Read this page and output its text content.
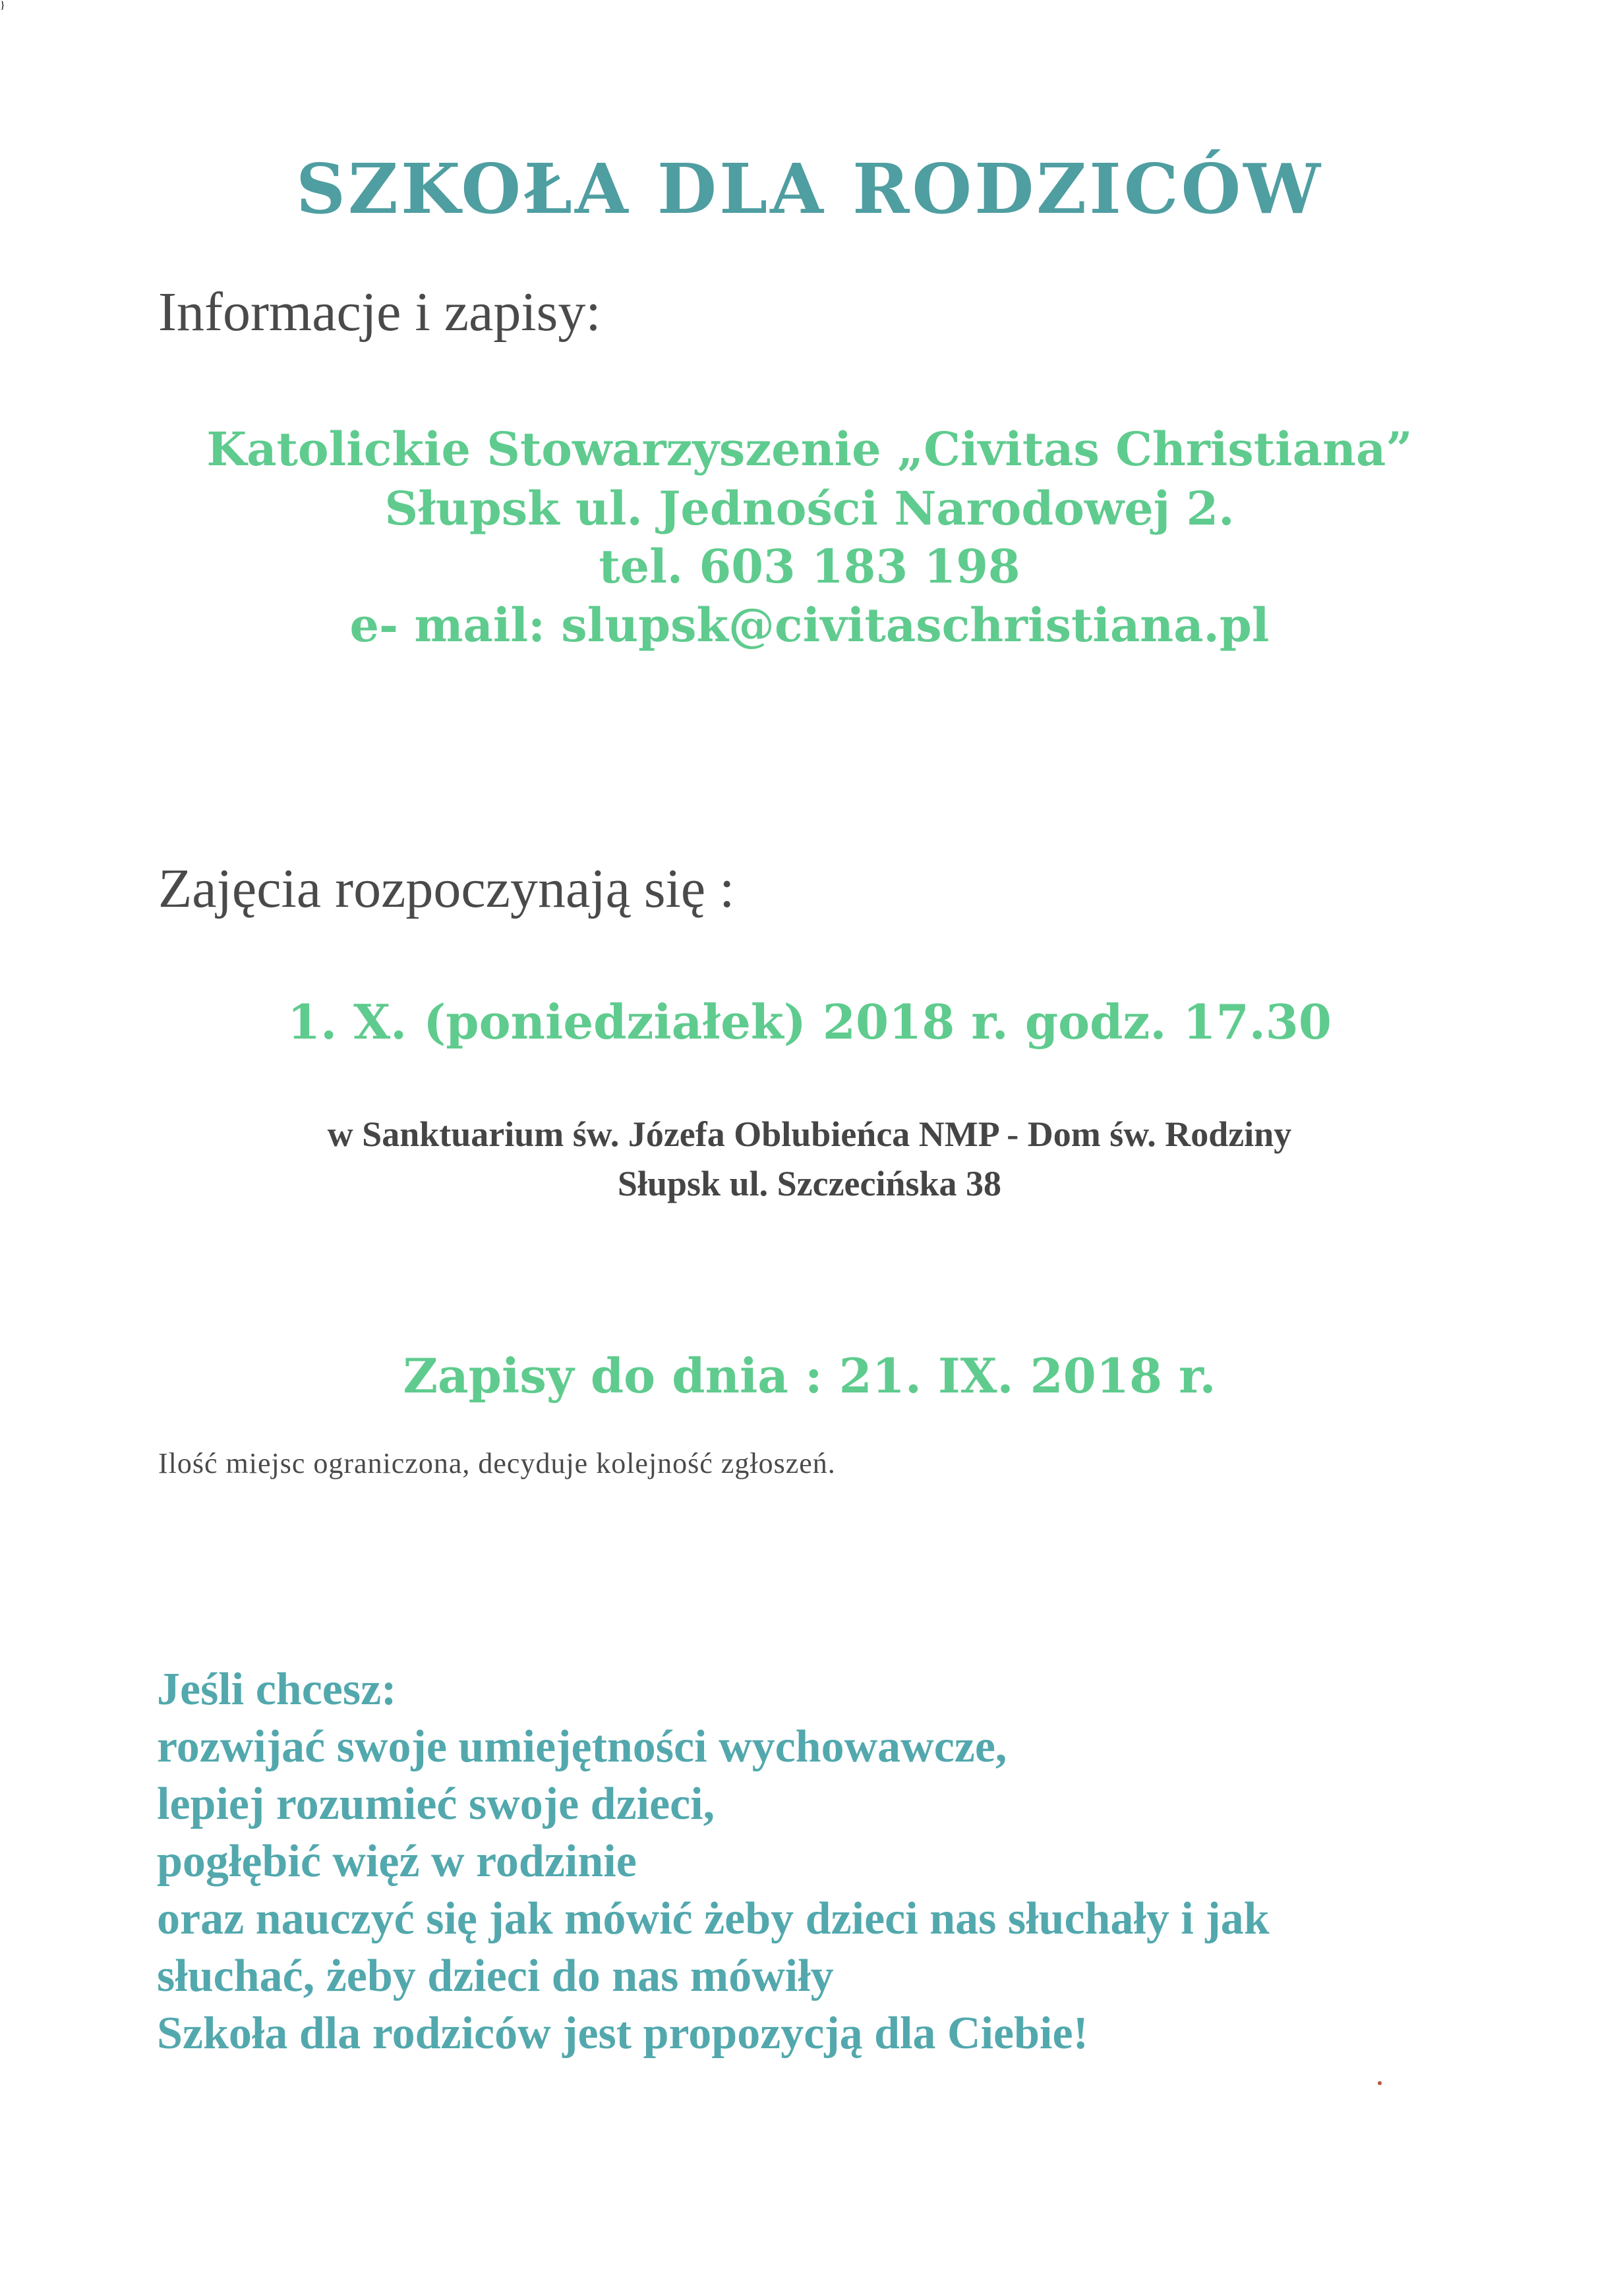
SZKOŁA DLA RODZICÓW

Informacje i zapisy:

Katolickie Stowarzyszenie „Civitas Christiana”

Słupsk ul. Jedności Narodowej 2.

tel. 603 183 198

e- mail: slupsk@civitaschristiana.pl

Zajęcia rozpoczynają się :

1. X. (poniedziałek) 2018 r. godz. 17.30

w Sanktuarium św. Józefa Oblubieńca NMP - Dom św. Rodziny

Słupsk ul. Szczecińska 38

}

Zapisy do dnia : 21. IX. 2018 r.

Ilość miejsc ograniczona, decyduje kolejność zgłoszeń.

Jeśli chcesz:
rozwijać swoje umiejętności wychowawcze,
lepiej rozumieć swoje dzieci,
pogłębić więź w rodzinie
oraz nauczyć się jak mówić żeby dzieci nas słuchały i jak
słuchać, żeby dzieci do nas mówiły
Szkoła dla rodziców jest propozycją dla Ciebie!
